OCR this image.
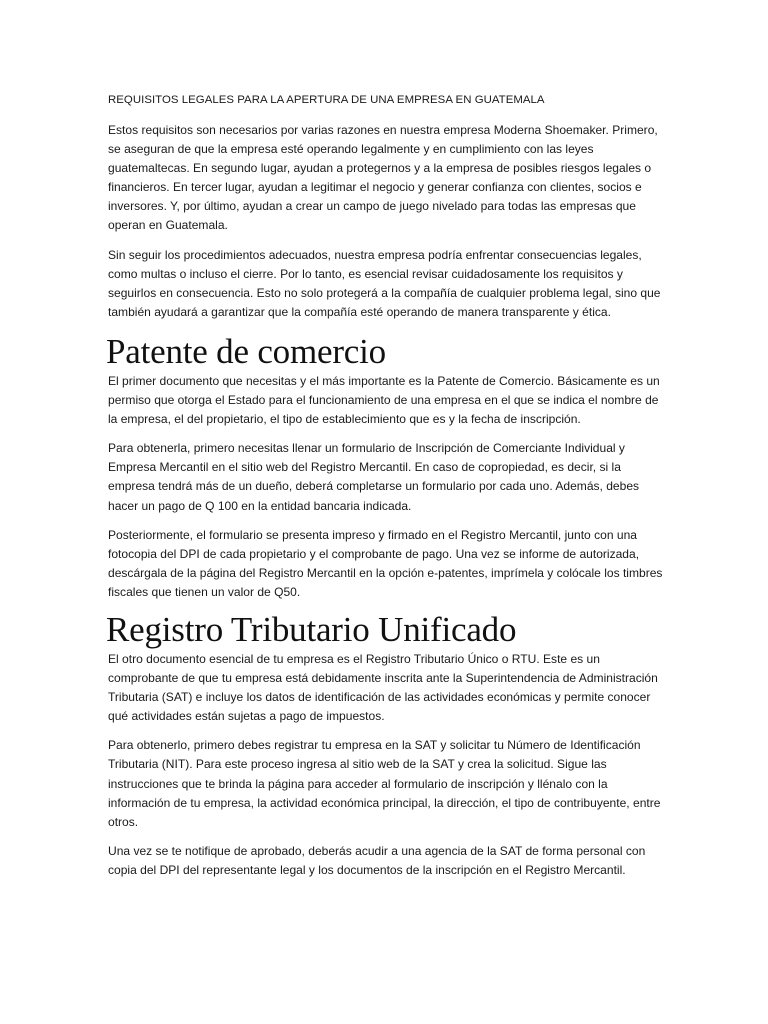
REQUISITOS LEGALES PARA LA APERTURA DE UNA EMPRESA EN GUATEMALA

Estos requisitos son necesarios por varias razones en nuestra empresa Moderna Shoemaker. Primero, se aseguran de que la empresa esté operando legalmente y en cumplimiento con las leyes guatemaltecas. En segundo lugar, ayudan a protegernos y a la empresa de posibles riesgos legales o financieros. En tercer lugar, ayudan a legitimar el negocio y generar confianza con clientes, socios e inversores. Y, por último, ayudan a crear un campo de juego nivelado para todas las empresas que operan en Guatemala.

Sin seguir los procedimientos adecuados, nuestra empresa podría enfrentar consecuencias legales, como multas o incluso el cierre. Por lo tanto, es esencial revisar cuidadosamente los requisitos y seguirlos en consecuencia. Esto no solo protegerá a la compañía de cualquier problema legal, sino que también ayudará a garantizar que la compañía esté operando de manera transparente y ética.

Patente de comercio

El primer documento que necesitas y el más importante es la Patente de Comercio. Básicamente es un permiso que otorga el Estado para el funcionamiento de una empresa en el que se indica el nombre de la empresa, el del propietario, el tipo de establecimiento que es y la fecha de inscripción.

Para obtenerla, primero necesitas llenar un formulario de Inscripción de Comerciante Individual y Empresa Mercantil en el sitio web del Registro Mercantil. En caso de copropiedad, es decir, si la empresa tendrá más de un dueño, deberá completarse un formulario por cada uno. Además, debes hacer un pago de Q 100 en la entidad bancaria indicada.

Posteriormente, el formulario se presenta impreso y firmado en el Registro Mercantil, junto con una fotocopia del DPI de cada propietario y el comprobante de pago. Una vez se informe de autorizada, descárgala de la página del Registro Mercantil en la opción e-patentes, imprímela y colócale los timbres fiscales que tienen un valor de Q50.

Registro Tributario Unificado

El otro documento esencial de tu empresa es el Registro Tributario Único o RTU. Este es un comprobante de que tu empresa está debidamente inscrita ante la Superintendencia de Administración Tributaria (SAT) e incluye los datos de identificación de las actividades económicas y permite conocer qué actividades están sujetas a pago de impuestos.

Para obtenerlo, primero debes registrar tu empresa en la SAT y solicitar tu Número de Identificación Tributaria (NIT). Para este proceso ingresa al sitio web de la SAT y crea la solicitud. Sigue las instrucciones que te brinda la página para acceder al formulario de inscripción y llénalo con la información de tu empresa, la actividad económica principal, la dirección, el tipo de contribuyente, entre otros.

Una vez se te notifique de aprobado, deberás acudir a una agencia de la SAT de forma personal con copia del DPI del representante legal y los documentos de la inscripción en el Registro Mercantil.
